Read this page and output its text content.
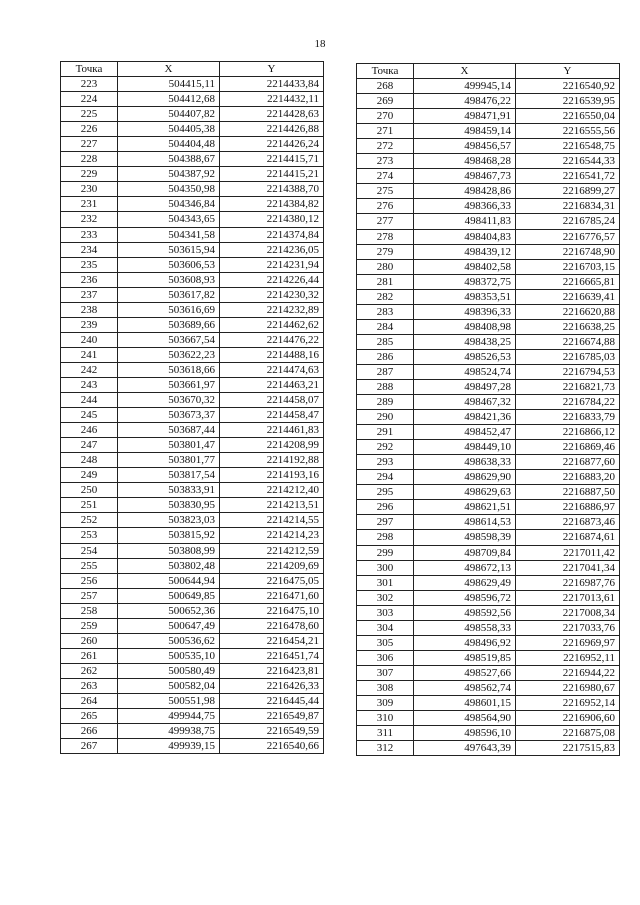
18
Точка	X	Y
223	504415,11	2214433,84
224	504412,68	2214432,11
225	504407,82	2214428,63
226	504405,38	2214426,88
227	504404,48	2214426,24
228	504388,67	2214415,71
229	504387,92	2214415,21
230	504350,98	2214388,70
231	504346,84	2214384,82
232	504343,65	2214380,12
233	504341,58	2214374,84
234	503615,94	2214236,05
235	503606,53	2214231,94
236	503608,93	2214226,44
237	503617,82	2214230,32
238	503616,69	2214232,89
239	503689,66	2214462,62
240	503667,54	2214476,22
241	503622,23	2214488,16
242	503618,66	2214474,63
243	503661,97	2214463,21
244	503670,32	2214458,07
245	503673,37	2214458,47
246	503687,44	2214461,83
247	503801,47	2214208,99
248	503801,77	2214192,88
249	503817,54	2214193,16
250	503833,91	2214212,40
251	503830,95	2214213,51
252	503823,03	2214214,55
253	503815,92	2214214,23
254	503808,99	2214212,59
255	503802,48	2214209,69
256	500644,94	2216475,05
257	500649,85	2216471,60
258	500652,36	2216475,10
259	500647,49	2216478,60
260	500536,62	2216454,21
261	500535,10	2216451,74
262	500580,49	2216423,81
263	500582,04	2216426,33
264	500551,98	2216445,44
265	499944,75	2216549,87
266	499938,75	2216549,59
267	499939,15	2216540,66
Точка	X	Y
268	499945,14	2216540,92
269	498476,22	2216539,95
270	498471,91	2216550,04
271	498459,14	2216555,56
272	498456,57	2216548,75
273	498468,28	2216544,33
274	498467,73	2216541,72
275	498428,86	2216899,27
276	498366,33	2216834,31
277	498411,83	2216785,24
278	498404,83	2216776,57
279	498439,12	2216748,90
280	498402,58	2216703,15
281	498372,75	2216665,81
282	498353,51	2216639,41
283	498396,33	2216620,88
284	498408,98	2216638,25
285	498438,25	2216674,88
286	498526,53	2216785,03
287	498524,74	2216794,53
288	498497,28	2216821,73
289	498467,32	2216784,22
290	498421,36	2216833,79
291	498452,47	2216866,12
292	498449,10	2216869,46
293	498638,33	2216877,60
294	498629,90	2216883,20
295	498629,63	2216887,50
296	498621,51	2216886,97
297	498614,53	2216873,46
298	498598,39	2216874,61
299	498709,84	2217011,42
300	498672,13	2217041,34
301	498629,49	2216987,76
302	498596,72	2217013,61
303	498592,56	2217008,34
304	498558,33	2217033,76
305	498496,92	2216969,97
306	498519,85	2216952,11
307	498527,66	2216944,22
308	498562,74	2216980,67
309	498601,15	2216952,14
310	498564,90	2216906,60
311	498596,10	2216875,08
312	497643,39	2217515,83
